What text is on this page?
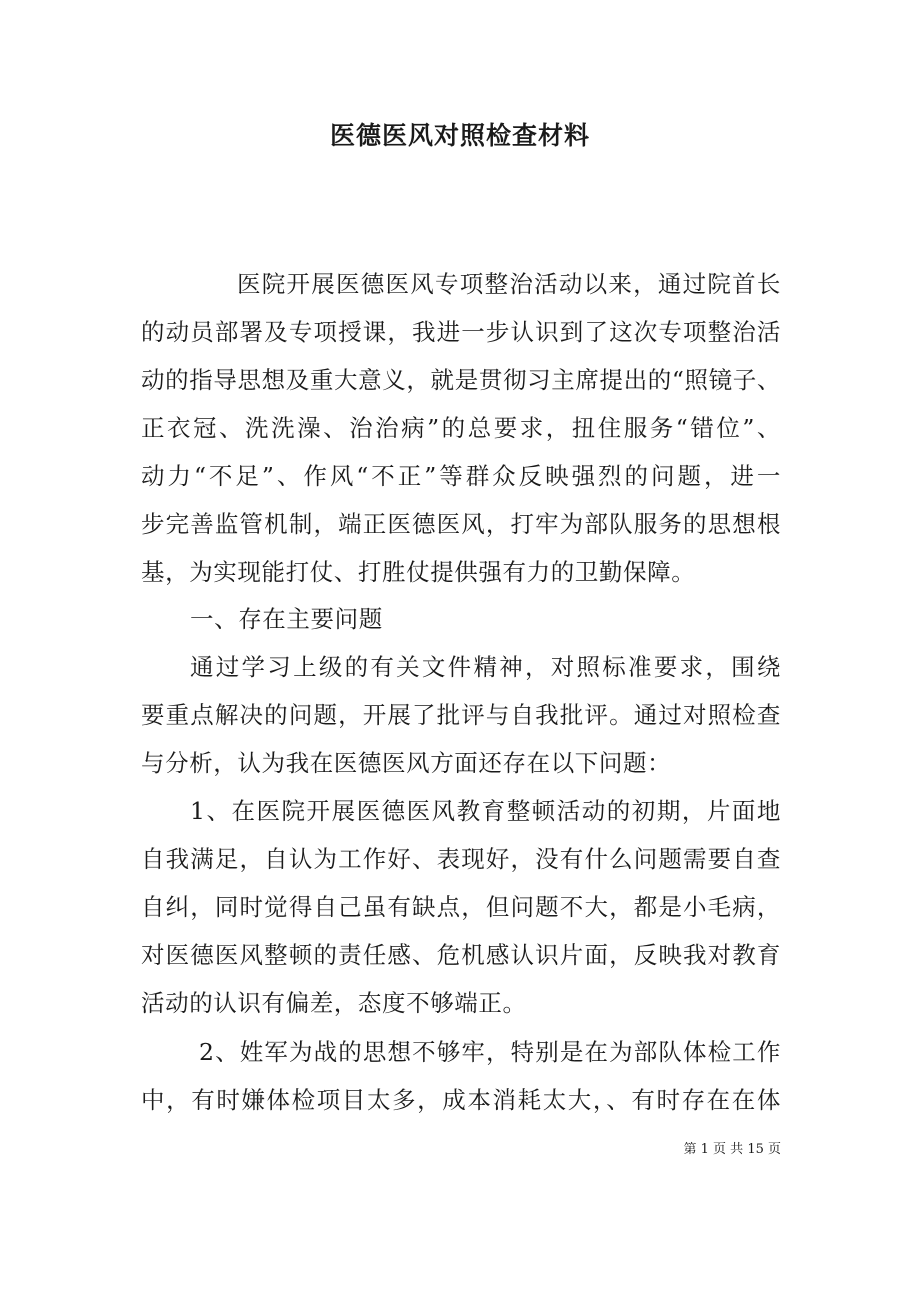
医德医风对照检查材料
医院开展医德医风专项整治活动以来，通过院首长
的动员部署及专项授课，我进一步认识到了这次专项整治活
动的指导思想及重大意义，就是贯彻习主席提出的“照镜子、
正衣冠、洗洗澡、治治病”的总要求，扭住服务“错位”、
动力“不足”、作风“不正”等群众反映强烈的问题，进一
步完善监管机制，端正医德医风，打牢为部队服务的思想根
基，为实现能打仗、打胜仗提供强有力的卫勤保障。
一、存在主要问题
通过学习上级的有关文件精神，对照标准要求，围绕
要重点解决的问题，开展了批评与自我批评。通过对照检查
与分析，认为我在医德医风方面还存在以下问题：
1、在医院开展医德医风教育整顿活动的初期，片面地
自我满足，自认为工作好、表现好，没有什么问题需要自查
自纠，同时觉得自己虽有缺点，但问题不大，都是小毛病，
对医德医风整顿的责任感、危机感认识片面，反映我对教育
活动的认识有偏差，态度不够端正。
2、姓军为战的思想不够牢，特别是在为部队体检工作
中，有时嫌体检项目太多，成本消耗太大，、有时存在在体
第 1 页 共 15 页
